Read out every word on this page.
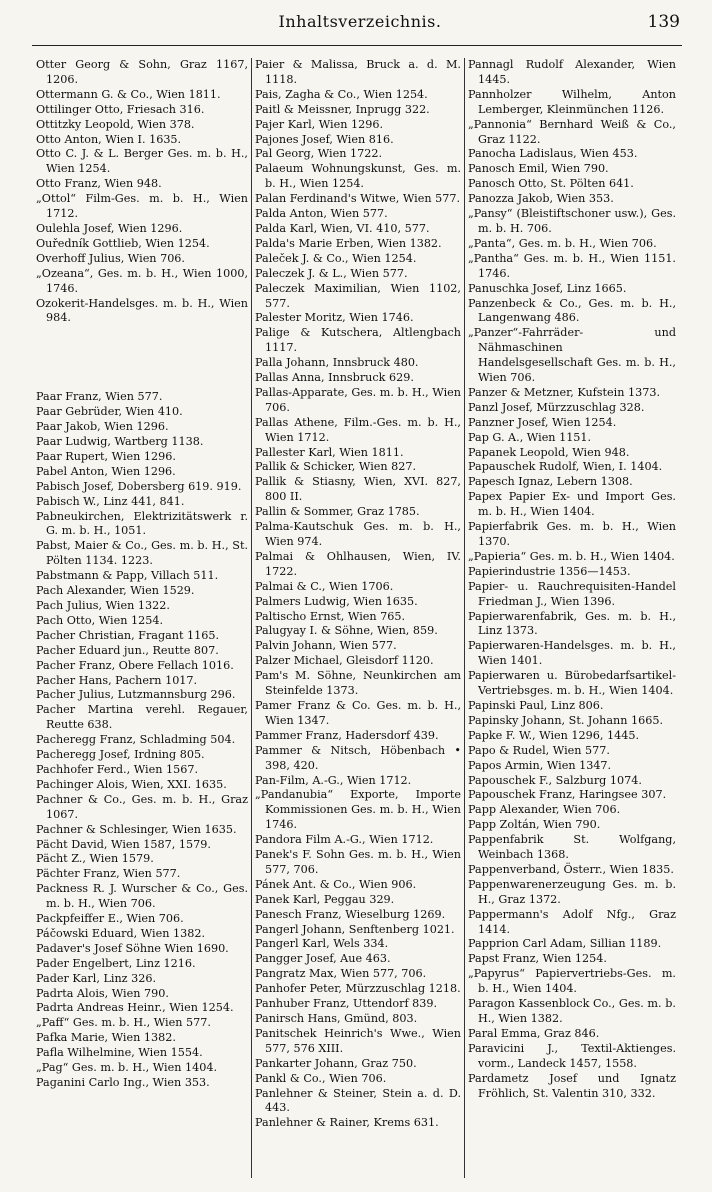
Inhaltsverzeichnis.	139

Otter Georg & Sohn, Graz 1167, 1206.

Ottermann G. & Co., Wien 1811.

Ottilinger Otto, Friesach 316.

Ottitzky Leopold, Wien 378.

Otto Anton, Wien I. 1635.

Otto C. J. & L. Berger Ges. m. b. H., Wien 1254.

Otto Franz, Wien 948.

„Ottol“ Film-Ges. m. b. H., Wien 1712.

Oulehla Josef, Wien 1296.

Ouředník Gottlieb, Wien 1254.

Overhoff Julius, Wien 706.

„Ozeana“, Ges. m. b. H., Wien 1000, 1746.

Ozokerit-Handelsges. m. b. H., Wien 984.

Paar Franz, Wien 577.

Paar Gebrüder, Wien 410.

Paar Jakob, Wien 1296.

Paar Ludwig, Wartberg 1138.

Paar Rupert, Wien 1296.

Pabel Anton, Wien 1296.

Pabisch Josef, Dobersberg 619. 919.

Pabisch W., Linz 441, 841.

Pabneukirchen, Elektrizitätswerk r. G. m. b. H., 1051.

Pabst, Maier & Co., Ges. m. b. H., St. Pölten 1134. 1223.

Pabstmann & Papp, Villach 511.

Pach Alexander, Wien 1529.

Pach Julius, Wien 1322.

Pach Otto, Wien 1254.

Pacher Christian, Fragant 1165.

Pacher Eduard jun., Reutte 807.

Pacher Franz, Obere Fellach 1016.

Pacher Hans, Pachern 1017.

Pacher Julius, Lutzmannsburg 296.

Pacher Martina verehl. Regauer, Reutte 638.

Pacheregg Franz, Schladming 504.

Pacheregg Josef, Irdning 805.

Pachhofer Ferd., Wien 1567.

Pachinger Alois, Wien, XXI. 1635.

Pachner & Co., Ges. m. b. H., Graz 1067.

Pachner & Schlesinger, Wien 1635.

Pächt David, Wien 1587, 1579.

Pächt Z., Wien 1579.

Pächter Franz, Wien 577.

Packness R. J. Wurscher & Co., Ges. m. b. H., Wien 706.

Packpfeiffer E., Wien 706.

Páčowski Eduard, Wien 1382.

Padaver's Josef Söhne Wien 1690.

Pader Engelbert, Linz 1216.

Pader Karl, Linz 326.

Padrta Alois, Wien 790.

Padrta Andreas Heinr., Wien 1254.

„Paff“ Ges. m. b. H., Wien 577.

Pafka Marie, Wien 1382.

Pafla Wilhelmine, Wien 1554.

„Pag“ Ges. m. b. H., Wien 1404.

Paganini Carlo Ing., Wien 353.

Paier & Malissa, Bruck a. d. M. 1118.

Pais, Zagha & Co., Wien 1254.

Paitl & Meissner, Inprugg 322.

Pajer Karl, Wien 1296.

Pajones Josef, Wien 816.

Pal Georg, Wien 1722.

Palaeum Wohnungskunst, Ges. m. b. H., Wien 1254.

Palan Ferdinand's Witwe, Wien 577.

Palda Anton, Wien 577.

Palda Karl, Wien, VI. 410, 577.

Palda's Marie Erben, Wien 1382.

Paleček J. & Co., Wien 1254.

Paleczek J. & L., Wien 577.

Paleczek Maximilian, Wien 1102, 577.

Palester Moritz, Wien 1746.

Palige & Kutschera, Altlengbach 1117.

Palla Johann, Innsbruck 480.

Pallas Anna, Innsbruck 629.

Pallas-Apparate, Ges. m. b. H., Wien 706.

Pallas Athene, Film.-Ges. m. b. H., Wien 1712.

Pallester Karl, Wien 1811.

Pallik & Schicker, Wien 827.

Pallik & Stiasny, Wien, XVI. 827, 800 II.

Pallin & Sommer, Graz 1785.

Palma-Kautschuk Ges. m. b. H., Wien 974.

Palmai & Ohlhausen, Wien, IV. 1722.

Palmai & C., Wien 1706.

Palmers Ludwig, Wien 1635.

Paltischo Ernst, Wien 765.

Palugyay I. & Söhne, Wien, 859.

Palvin Johann, Wien 577.

Palzer Michael, Gleisdorf 1120.

Pam's M. Söhne, Neunkirchen am Steinfelde 1373.

Pamer Franz & Co. Ges. m. b. H., Wien 1347.

Pammer Franz, Hadersdorf 439.

Pammer & Nitsch, Höbenbach • 398, 420.

Pan-Film, A.-G., Wien 1712.

„Pandanubia“ Exporte, Importe Kommissionen Ges. m. b. H., Wien 1746.

Pandora Film A.-G., Wien 1712.

Panek's F. Sohn Ges. m. b. H., Wien 577, 706.

Pánek Ant. & Co., Wien 906.

Panek Karl, Peggau 329.

Panesch Franz, Wieselburg 1269.

Pangerl Johann, Senftenberg 1021.

Pangerl Karl, Wels 334.

Pangger Josef, Aue 463.

Pangratz Max, Wien 577, 706.

Panhofer Peter, Mürzzuschlag 1218.

Panhuber Franz, Uttendorf 839.

Panirsch Hans, Gmünd, 803.

Panitschek Heinrich's Wwe., Wien 577, 576 XIII.

Pankarter Johann, Graz 750.

Pankl & Co., Wien 706.

Panlehner & Steiner, Stein a. d. D. 443.

Panlehner & Rainer, Krems 631.

Pannagl Rudolf Alexander, Wien 1445.

Pannholzer Wilhelm, Anton Lemberger, Kleinmünchen 1126.

„Pannonia“ Bernhard Weiß & Co., Graz 1122.

Panocha Ladislaus, Wien 453.

Panosch Emil, Wien 790.

Panosch Otto, St. Pölten 641.

Panozza Jakob, Wien 353.

„Pansy“ (Bleistiftschoner usw.), Ges. m. b. H. 706.

„Panta“, Ges. m. b. H., Wien 706.

„Pantha“ Ges. m. b. H., Wien 1151. 1746.

Panuschka Josef, Linz 1665.

Panzenbeck & Co., Ges. m. b. H., Langenwang 486.

„Panzer“-Fahrräder- und Nähmaschinen Handelsgesellschaft Ges. m. b. H., Wien 706.

Panzer & Metzner, Kufstein 1373.

Panzl Josef, Mürzzuschlag 328.

Panzner Josef, Wien 1254.

Pap G. A., Wien 1151.

Papanek Leopold, Wien 948.

Papauschek Rudolf, Wien, I. 1404.

Papesch Ignaz, Lebern 1308.

Papex Papier Ex- und Import Ges. m. b. H., Wien 1404.

Papierfabrik Ges. m. b. H., Wien 1370.

„Papieria“ Ges. m. b. H., Wien 1404.

Papierindustrie 1356—1453.

Papier- u. Rauchrequisiten-Handel Friedman J., Wien 1396.

Papierwarenfabrik, Ges. m. b. H., Linz 1373.

Papierwaren-Handelsges. m. b. H., Wien 1401.

Papierwaren u. Bürobedarfsartikel-Vertriebsges. m. b. H., Wien 1404.

Papinski Paul, Linz 806.

Papinsky Johann, St. Johann 1665.

Papke F. W., Wien 1296, 1445.

Papo & Rudel, Wien 577.

Papos Armin, Wien 1347.

Papouschek F., Salzburg 1074.

Papouschek Franz, Haringsee 307.

Papp Alexander, Wien 706.

Papp Zoltán, Wien 790.

Pappenfabrik St. Wolfgang, Weinbach 1368.

Pappenverband, Österr., Wien 1835.

Pappenwarenerzeugung Ges. m. b. H., Graz 1372.

Pappermann's Adolf Nfg., Graz 1414.

Papprion Carl Adam, Sillian 1189.

Papst Franz, Wien 1254.

„Papyrus“ Papiervertriebs-Ges. m. b. H., Wien 1404.

Paragon Kassenblock Co., Ges. m. b. H., Wien 1382.

Paral Emma, Graz 846.

Paravicini J., Textil-Aktienges. vorm., Landeck 1457, 1558.

Pardametz Josef und Ignatz Fröhlich, St. Valentin 310, 332.
